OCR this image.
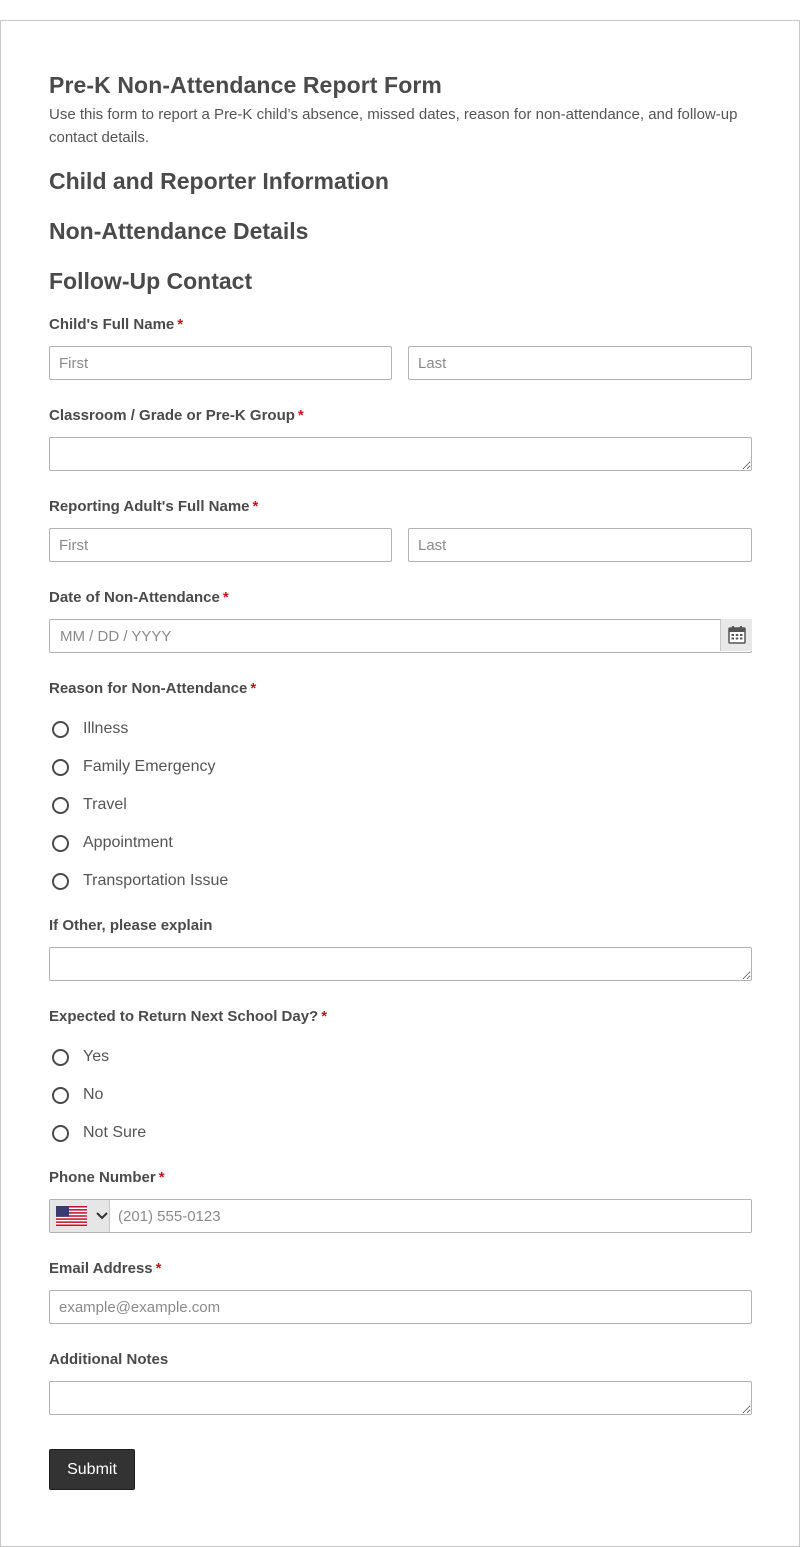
Pre-K Non-Attendance Report Form
Use this form to report a Pre-K child’s absence, missed dates, reason for non-attendance, and follow-up contact details.
Child and Reporter Information
Non-Attendance Details
Follow-Up Contact
Child's Full Name *
First
Last
Classroom / Grade or Pre-K Group *
Reporting Adult's Full Name *
First
Last
Date of Non-Attendance *
MM / DD / YYYY
Reason for Non-Attendance *
Illness
Family Emergency
Travel
Appointment
Transportation Issue
If Other, please explain
Expected to Return Next School Day? *
Yes
No
Not Sure
Phone Number *
(201) 555-0123
Email Address *
example@example.com
Additional Notes
Submit
